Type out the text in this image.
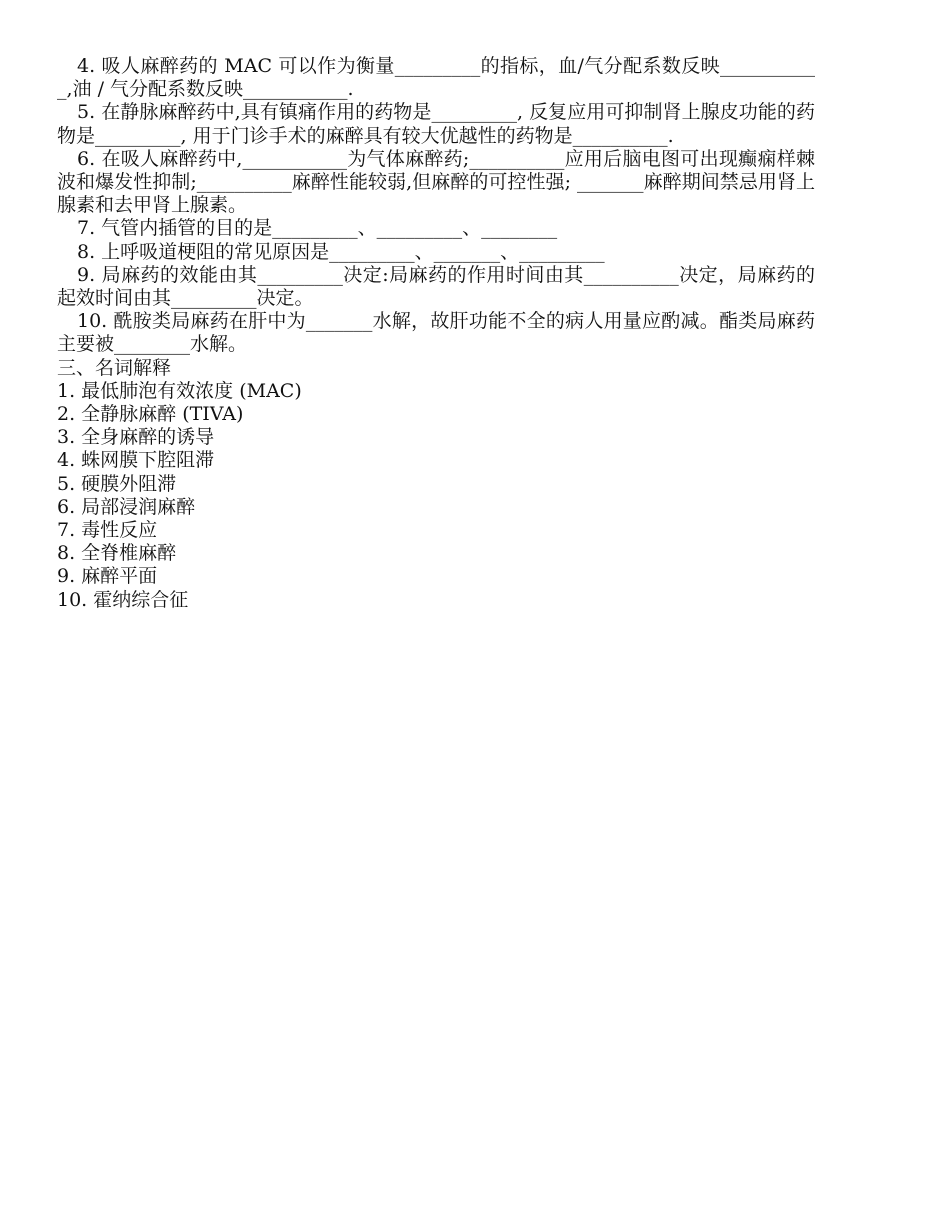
4. 吸人麻醉药的 MAC 可以作为衡量_________的指标，血/气分配系数反映___________,油 / 气分配系数反映___________.

5. 在静脉麻醉药中,具有镇痛作用的药物是_________, 反复应用可抑制肾上腺皮功能的药物是_________, 用于门诊手术的麻醉具有较大优越性的药物是__________.

6. 在吸人麻醉药中,___________为气体麻醉药;__________应用后脑电图可出现癫痫样棘波和爆发性抑制;__________麻醉性能较弱,但麻醉的可控性强; _______麻醉期间禁忌用肾上腺素和去甲肾上腺素。

7. 气管内插管的目的是_________、_________、________

8. 上呼吸道梗阻的常见原因是_________、_______、_________

9. 局麻药的效能由其_________决定:局麻药的作用时间由其__________决定，局麻药的起效时间由其_________决定。

10. 酰胺类局麻药在肝中为_______水解，故肝功能不全的病人用量应酌减。酯类局麻药主要被________水解。

三、名词解释
1. 最低肺泡有效浓度 (MAC)
2. 全静脉麻醉 (TIVA)
3. 全身麻醉的诱导
4. 蛛网膜下腔阻滞
5. 硬膜外阻滞
6. 局部浸润麻醉
7. 毒性反应
8. 全脊椎麻醉
9. 麻醉平面
10. 霍纳综合征
